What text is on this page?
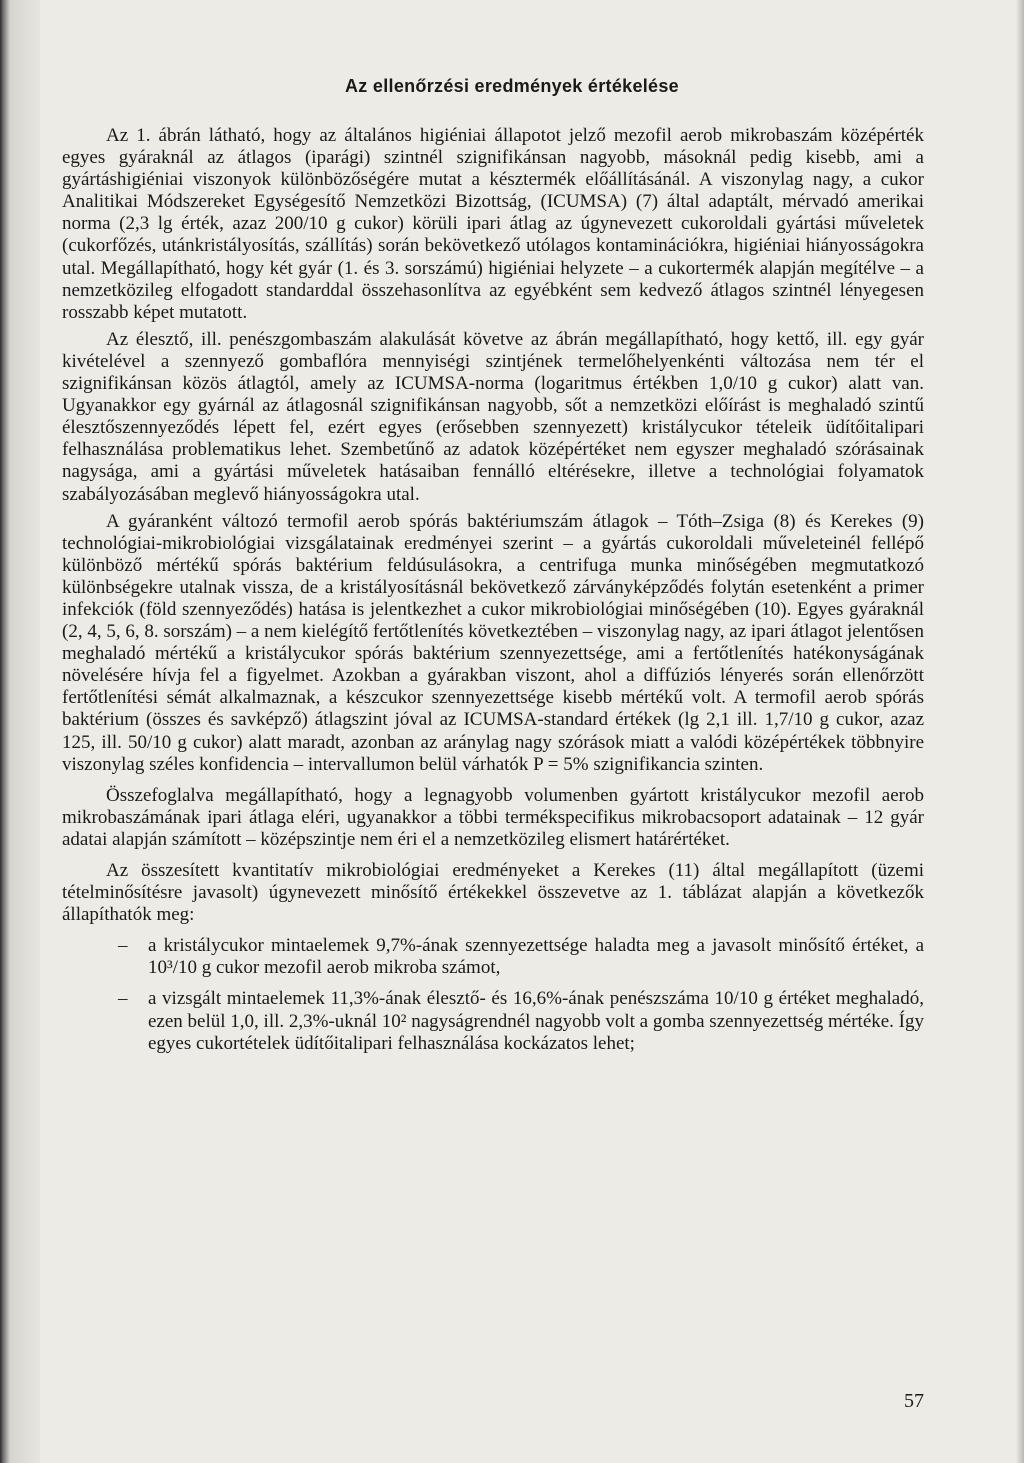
Az ellenőrzési eredmények értékelése

Az 1. ábrán látható, hogy az általános higiéniai állapotot jelző mezofil aerob mikrobaszám középérték egyes gyáraknál az átlagos (iparági) szintnél szignifikánsan nagyobb, másoknál pedig kisebb, ami a gyártáshigiéniai viszonyok különbözőségére mutat a késztermék előállításánál. A viszonylag nagy, a cukor Analitikai Módszereket Egységesítő Nemzetközi Bizottság, (ICUMSA) (7) által adaptált, mérvadó amerikai norma (2,3 lg érték, azaz 200/10 g cukor) körüli ipari átlag az úgynevezett cukoroldali gyártási műveletek (cukorfőzés, utánkristályosítás, szállítás) során bekövetkező utólagos kontaminációkra, higiéniai hiányosságokra utal. Megállapítható, hogy két gyár (1. és 3. sorszámú) higiéniai helyzete – a cukortermék alapján megítélve – a nemzetközileg elfogadott standarddal összehasonlítva az egyébként sem kedvező átlagos szintnél lényegesen rosszabb képet mutatott.

Az élesztő, ill. penészgombaszám alakulását követve az ábrán megállapítható, hogy kettő, ill. egy gyár kivételével a szennyező gombaflóra mennyiségi szintjének termelőhelyenkénti változása nem tér el szignifikánsan közös átlagtól, amely az ICUMSA-norma (logaritmus értékben 1,0/10 g cukor) alatt van. Ugyanakkor egy gyárnál az átlagosnál szignifikánsan nagyobb, sőt a nemzetközi előírást is meghaladó szintű élesztőszennyeződés lépett fel, ezért egyes (erősebben szennyezett) kristálycukor tételeik üdítőitalipari felhasználása problematikus lehet. Szembetűnő az adatok középértéket nem egyszer meghaladó szórásainak nagysága, ami a gyártási műveletek hatásaiban fennálló eltérésekre, illetve a technológiai folyamatok szabályozásában meglevő hiányosságokra utal.

A gyáranként változó termofil aerob spórás baktériumszám átlagok – Tóth–Zsiga (8) és Kerekes (9) technológiai-mikrobiológiai vizsgálatainak eredményei szerint – a gyártás cukoroldali műveleteinél fellépő különböző mértékű spórás baktérium feldúsulásokra, a centrifuga munka minőségében megmutatkozó különbségekre utalnak vissza, de a kristályosításnál bekövetkező zárványképződés folytán esetenként a primer infekciók (föld szennyeződés) hatása is jelentkezhet a cukor mikrobiológiai minőségében (10). Egyes gyáraknál (2, 4, 5, 6, 8. sorszám) – a nem kielégítő fertőtlenítés következtében – viszonylag nagy, az ipari átlagot jelentősen meghaladó mértékű a kristálycukor spórás baktérium szennyezettsége, ami a fertőtlenítés hatékonyságának növelésére hívja fel a figyelmet. Azokban a gyárakban viszont, ahol a diffúziós lényerés során ellenőrzött fertőtlenítési sémát alkalmaznak, a készcukor szennyezettsége kisebb mértékű volt. A termofil aerob spórás baktérium (összes és savképző) átlagszint jóval az ICUMSA-standard értékek (lg 2,1 ill. 1,7/10 g cukor, azaz 125, ill. 50/10 g cukor) alatt maradt, azonban az aránylag nagy szórások miatt a valódi középértékek többnyire viszonylag széles konfidencia – intervallumon belül várhatók P = 5% szignifikancia szinten.

Összefoglalva megállapítható, hogy a legnagyobb volumenben gyártott kristálycukor mezofil aerob mikrobaszámának ipari átlaga eléri, ugyanakkor a többi termékspecifikus mikrobacsoport adatainak – 12 gyár adatai alapján számított – középszintje nem éri el a nemzetközileg elismert határértéket.

Az összesített kvantitatív mikrobiológiai eredményeket a Kerekes (11) által megállapított (üzemi tételminősítésre javasolt) úgynevezett minősítő értékekkel összevetve az 1. táblázat alapján a következők állapíthatók meg:

– a kristálycukor mintaelemek 9,7%-ának szennyezettsége haladta meg a javasolt minősítő értéket, a 10³/10 g cukor mezofil aerob mikroba számot,
– a vizsgált mintaelemek 11,3%-ának élesztő- és 16,6%-ának penészszáma 10/10 g értéket meghaladó, ezen belül 1,0, ill. 2,3%-uknál 10² nagyságrendnél nagyobb volt a gomba szennyezettség mértéke. Így egyes cukortételek üdítőitalipari felhasználása kockázatos lehet;
57
